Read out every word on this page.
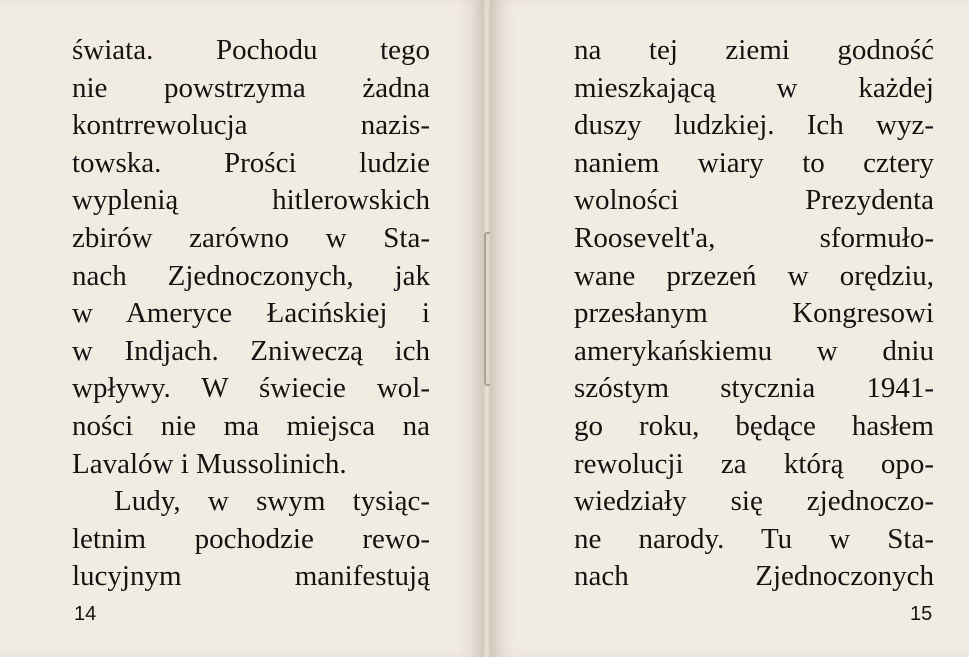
świata. Pochodu tego
nie powstrzyma żadna
kontrrewolucja nazis-
towska. Prości ludzie
wyplenią hitlerowskich
zbirów zarówno w Sta-
nach Zjednoczonych, jak
w Ameryce Łacińskiej i
w Indjach. Zniweczą ich
wpływy. W świecie wol-
ności nie ma miejsca na
Lavalów i Mussolinich.
Ludy, w swym tysiąc-
letnim pochodzie rewo-
lucyjnym manifestują
14
na tej ziemi godność
mieszkającą w każdej
duszy ludzkiej. Ich wyz-
naniem wiary to cztery
wolności Prezydenta
Roosevelt'a, sformuło-
wane przezeń w orędziu,
przesłanym Kongresowi
amerykańskiemu w dniu
szóstym stycznia 1941-
go roku, będące hasłem
rewolucji za którą opo-
wiedziały się zjednoczo-
ne narody. Tu w Sta-
nach Zjednoczonych
15
